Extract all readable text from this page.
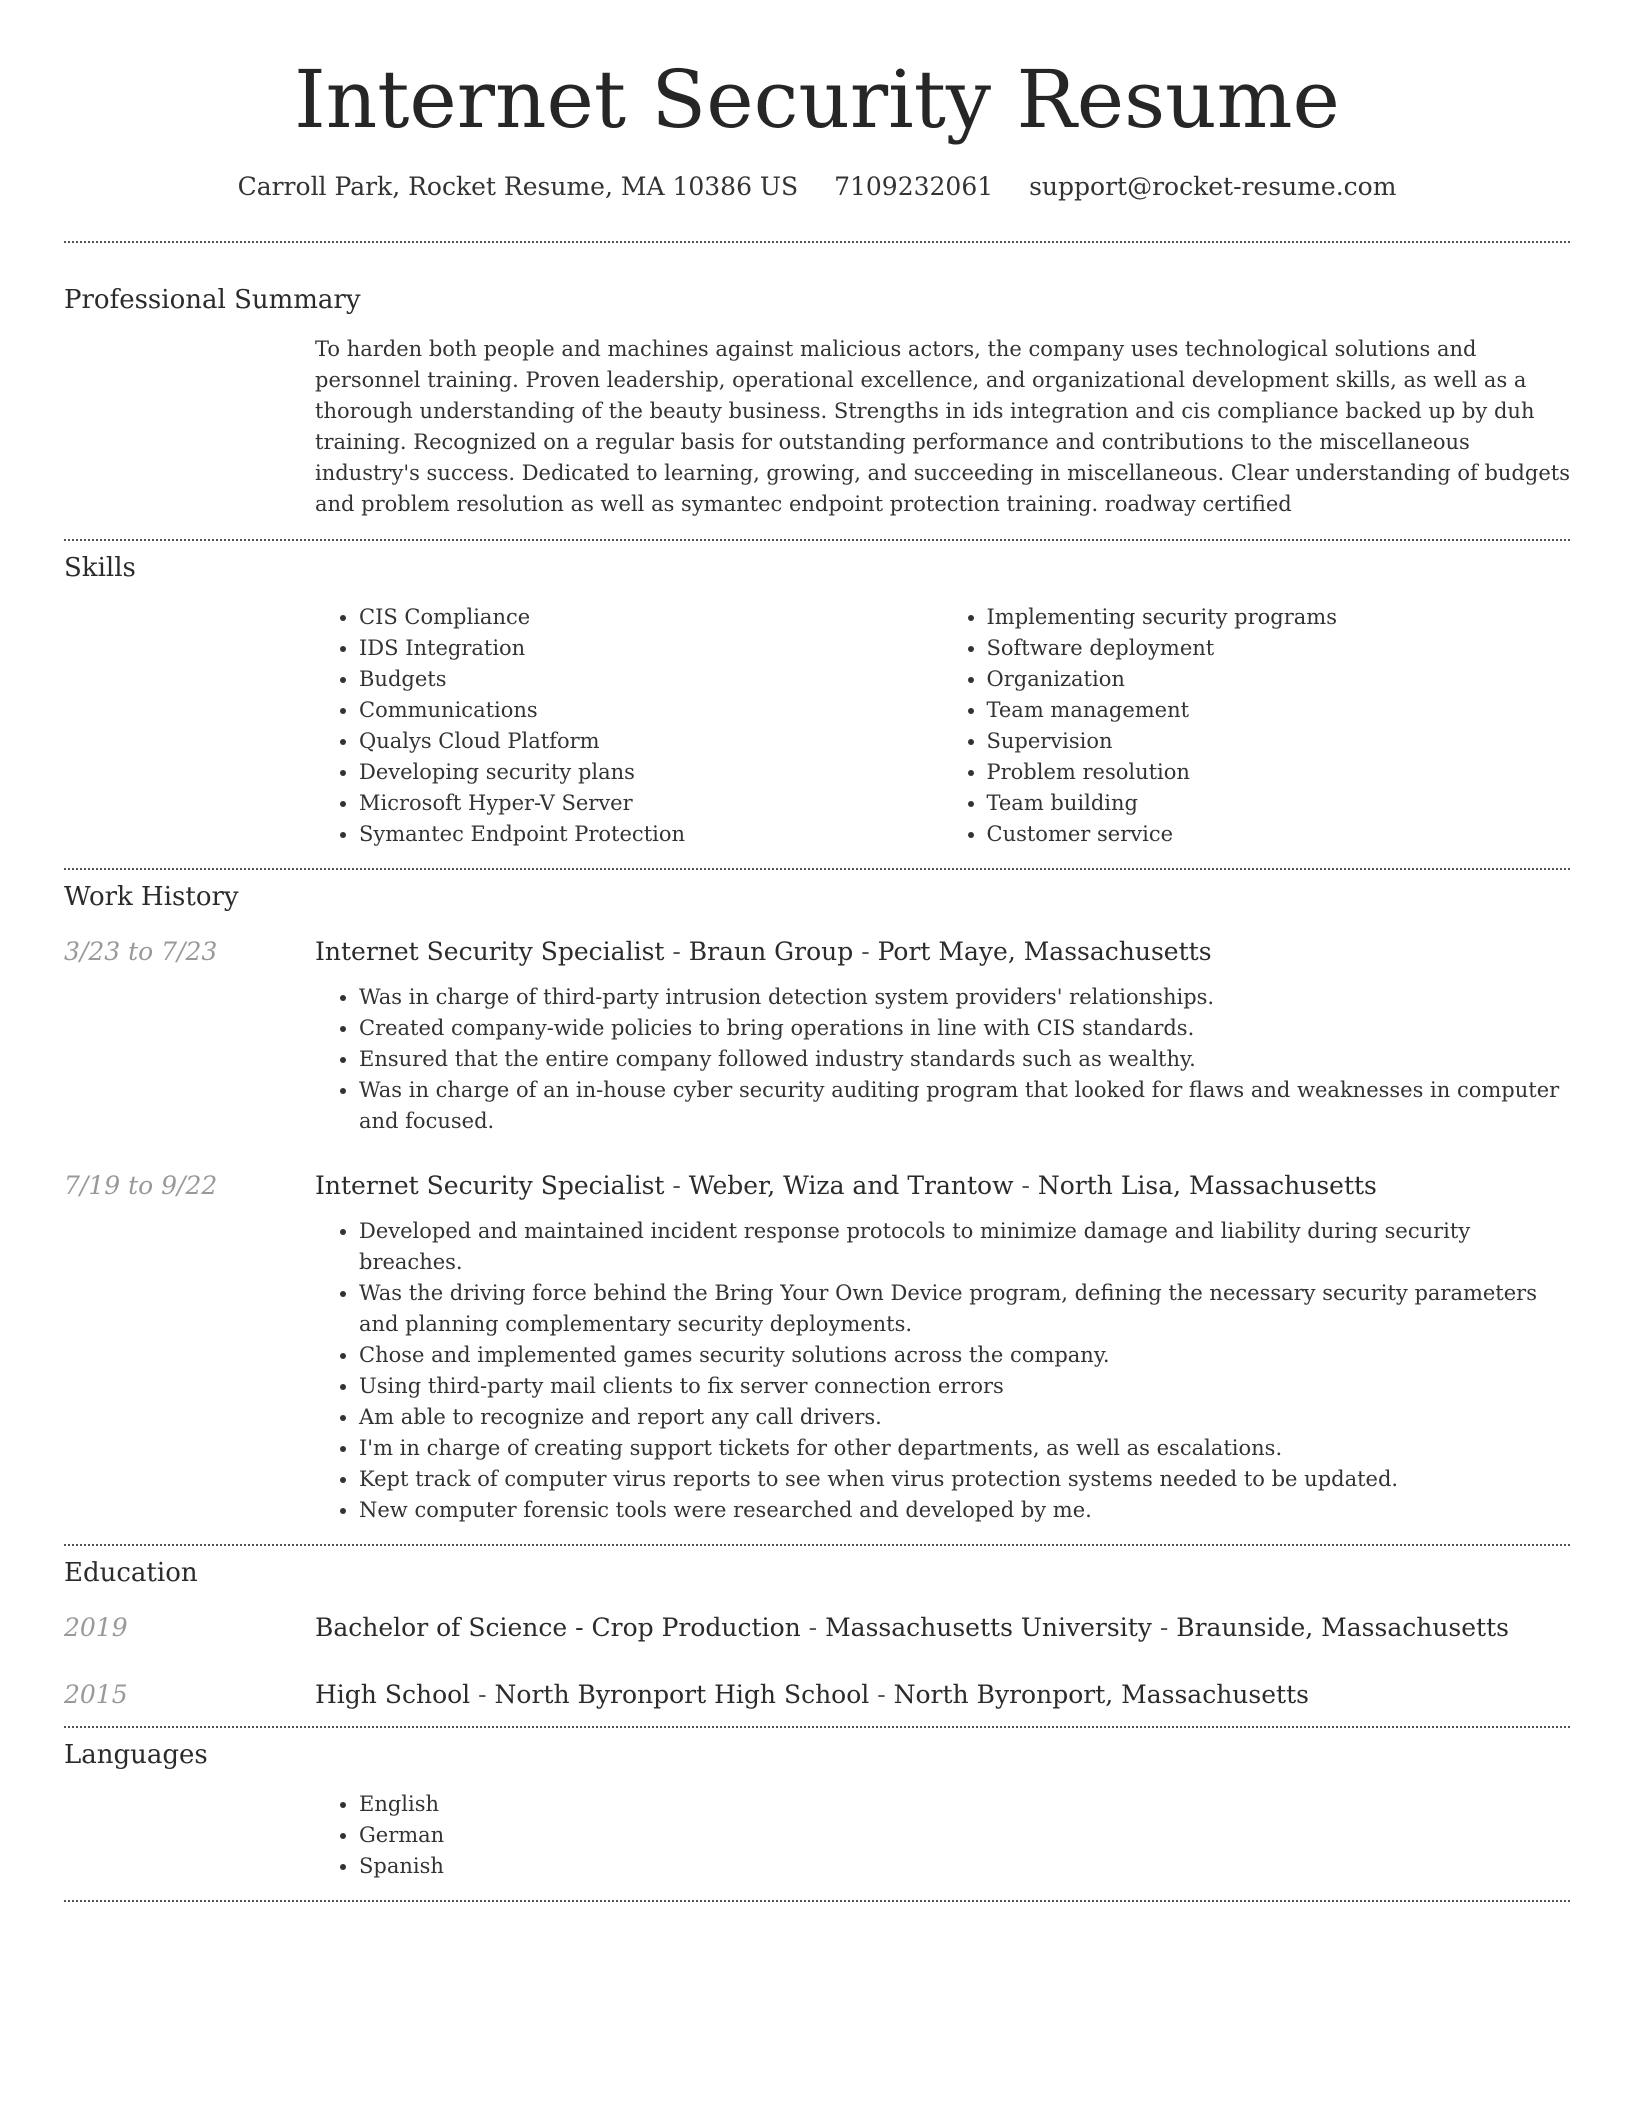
Internet Security Resume
Carroll Park, Rocket Resume, MA 10386 US 7109232061 support@rocket-resume.com
Professional Summary
To harden both people and machines against malicious actors, the company uses technological solutions and personnel training. Proven leadership, operational excellence, and organizational development skills, as well as a thorough understanding of the beauty business. Strengths in ids integration and cis compliance backed up by duh training. Recognized on a regular basis for outstanding performance and contributions to the miscellaneous industry's success. Dedicated to learning, growing, and succeeding in miscellaneous. Clear understanding of budgets and problem resolution as well as symantec endpoint protection training. roadway certified
Skills
• CIS Compliance
• IDS Integration
• Budgets
• Communications
• Qualys Cloud Platform
• Developing security plans
• Microsoft Hyper-V Server
• Symantec Endpoint Protection
• Implementing security programs
• Software deployment
• Organization
• Team management
• Supervision
• Problem resolution
• Team building
• Customer service
Work History
3/23 to 7/23	Internet Security Specialist - Braun Group - Port Maye, Massachusetts
• Was in charge of third-party intrusion detection system providers' relationships.
• Created company-wide policies to bring operations in line with CIS standards.
• Ensured that the entire company followed industry standards such as wealthy.
• Was in charge of an in-house cyber security auditing program that looked for flaws and weaknesses in computer and focused.
7/19 to 9/22	Internet Security Specialist - Weber, Wiza and Trantow - North Lisa, Massachusetts
• Developed and maintained incident response protocols to minimize damage and liability during security breaches.
• Was the driving force behind the Bring Your Own Device program, defining the necessary security parameters and planning complementary security deployments.
• Chose and implemented games security solutions across the company.
• Using third-party mail clients to fix server connection errors
• Am able to recognize and report any call drivers.
• I'm in charge of creating support tickets for other departments, as well as escalations.
• Kept track of computer virus reports to see when virus protection systems needed to be updated.
• New computer forensic tools were researched and developed by me.
Education
2019	Bachelor of Science - Crop Production - Massachusetts University - Braunside, Massachusetts
2015	High School - North Byronport High School - North Byronport, Massachusetts
Languages
• English
• German
• Spanish
